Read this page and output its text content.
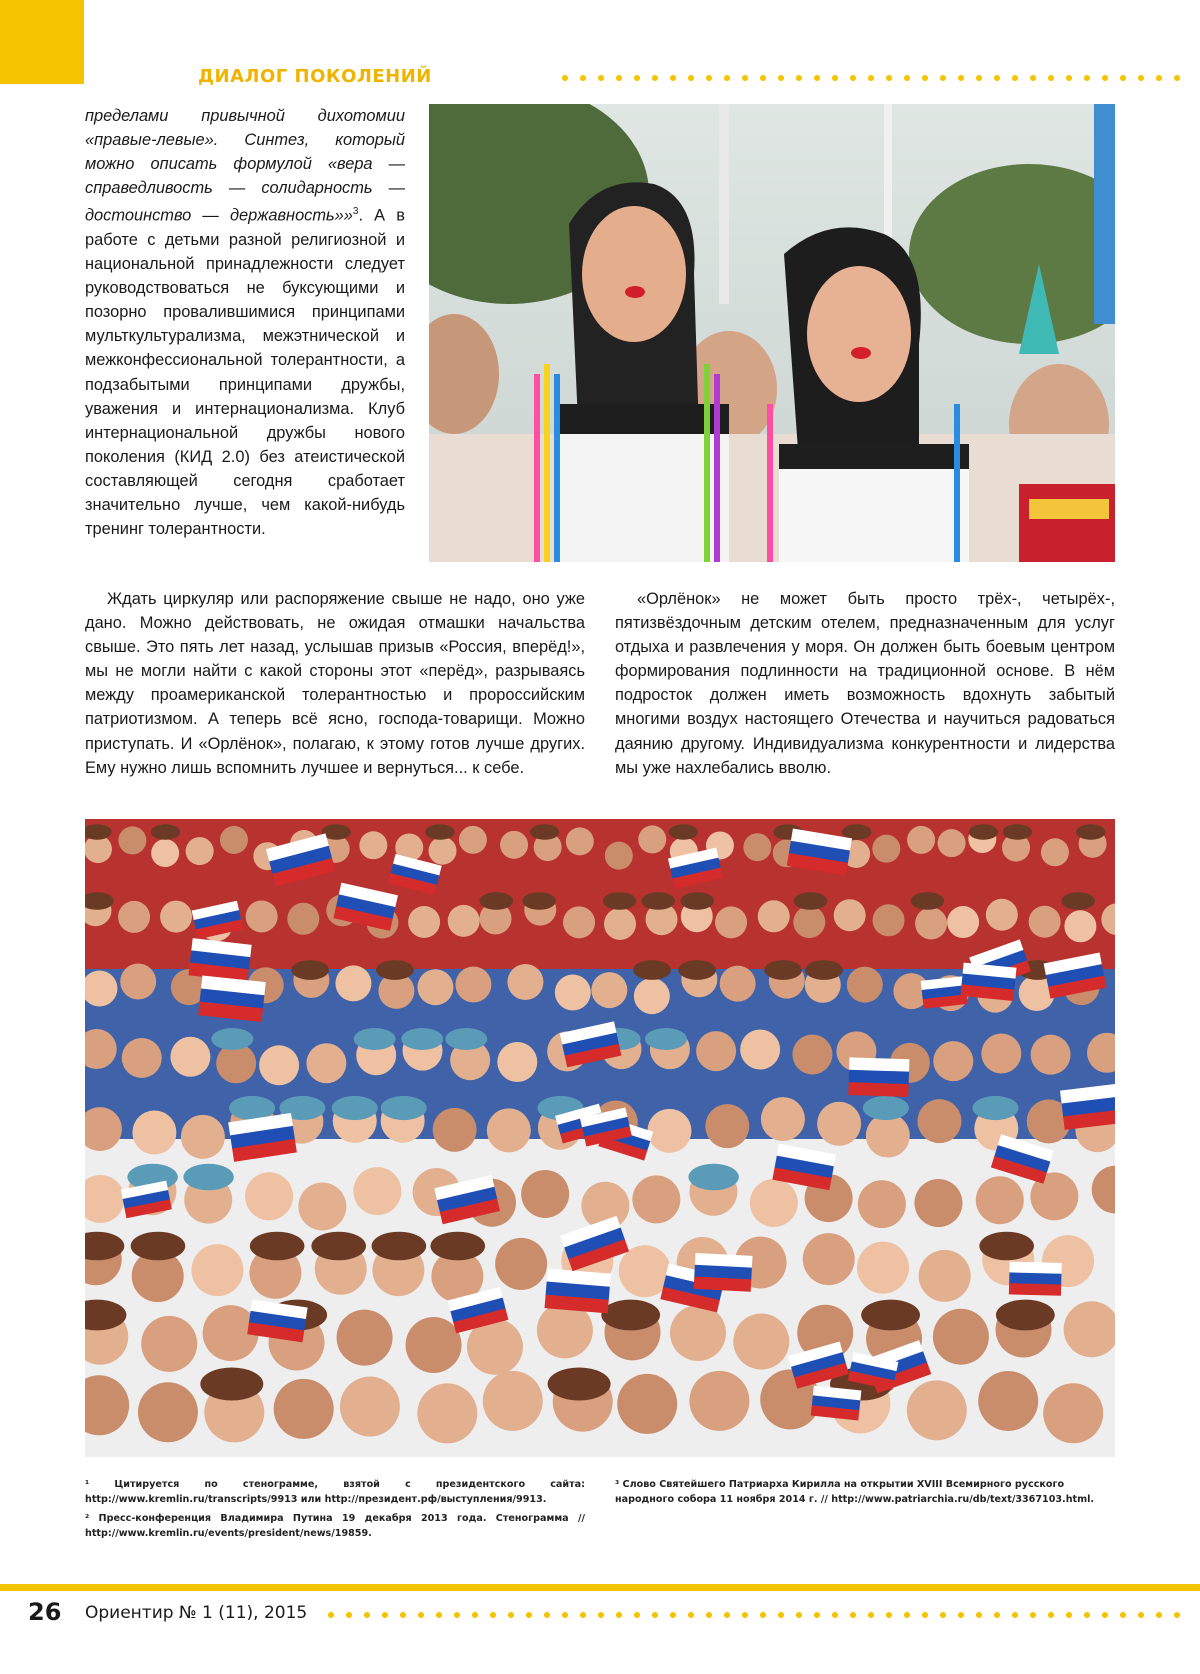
ДИАЛОГ ПОКОЛЕНИЙ

пределами привычной дихотомии «правые-левые». Синтез, который можно описать формулой «вера — справедливость — солидарность — достоинство — державность»»$^3$. А в работе с детьми разной религиозной и национальной принадлежности следует руководствоваться не буксующими и позорно провалившимися принципами мульткультурализма, межэтнической и межконфессиональной толерантности, а подзабытыми принципами дружбы, уважения и интернационализма. Клуб интернациональной дружбы нового поколения (КИД 2.0) без атеистической составляющей сегодня сработает значительно лучше, чем какой-нибудь тренинг толерантности.

Ждать циркуляр или распоряжение свыше не надо, оно уже дано. Можно действовать, не ожидая отмашки начальства свыше. Это пять лет назад, услышав призыв «Россия, вперёд!», мы не могли найти с какой стороны этот «перёд», разрываясь между проамериканской толерантностью и пророссийским патриотизмом. А теперь всё ясно, господа-товарищи. Можно приступать. И «Орлёнок», полагаю, к этому готов лучше других. Ему нужно лишь вспомнить лучшее и вернуться... к себе.

«Орлёнок» не может быть просто трёх-, четырёх-, пятизвёздочным детским отелем, предназначенным для услуг отдыха и развлечения у моря. Он должен быть боевым центром формирования подлинности на традиционной основе. В нём подросток должен иметь возможность вдохнуть забытый многими воздух настоящего Отечества и научиться радоваться даянию другому. Индивидуализма конкурентности и лидерства мы уже нахлебались вволю.

¹ Цитируется по стенограмме, взятой с президентского сайта: http://www.kremlin.ru/transcripts/9913 или http://президент.рф/выступления/9913.

² Пресс-конференция Владимира Путина 19 декабря 2013 года. Стенограмма // http://www.kremlin.ru/events/president/news/19859.

³ Слово Святейшего Патриарха Кирилла на открытии XVIII Всемирного русского народного собора 11 ноября 2014 г. // http://www.patriarchia.ru/db/text/3367103.html.

26 Ориентир № 1 (11), 2015
